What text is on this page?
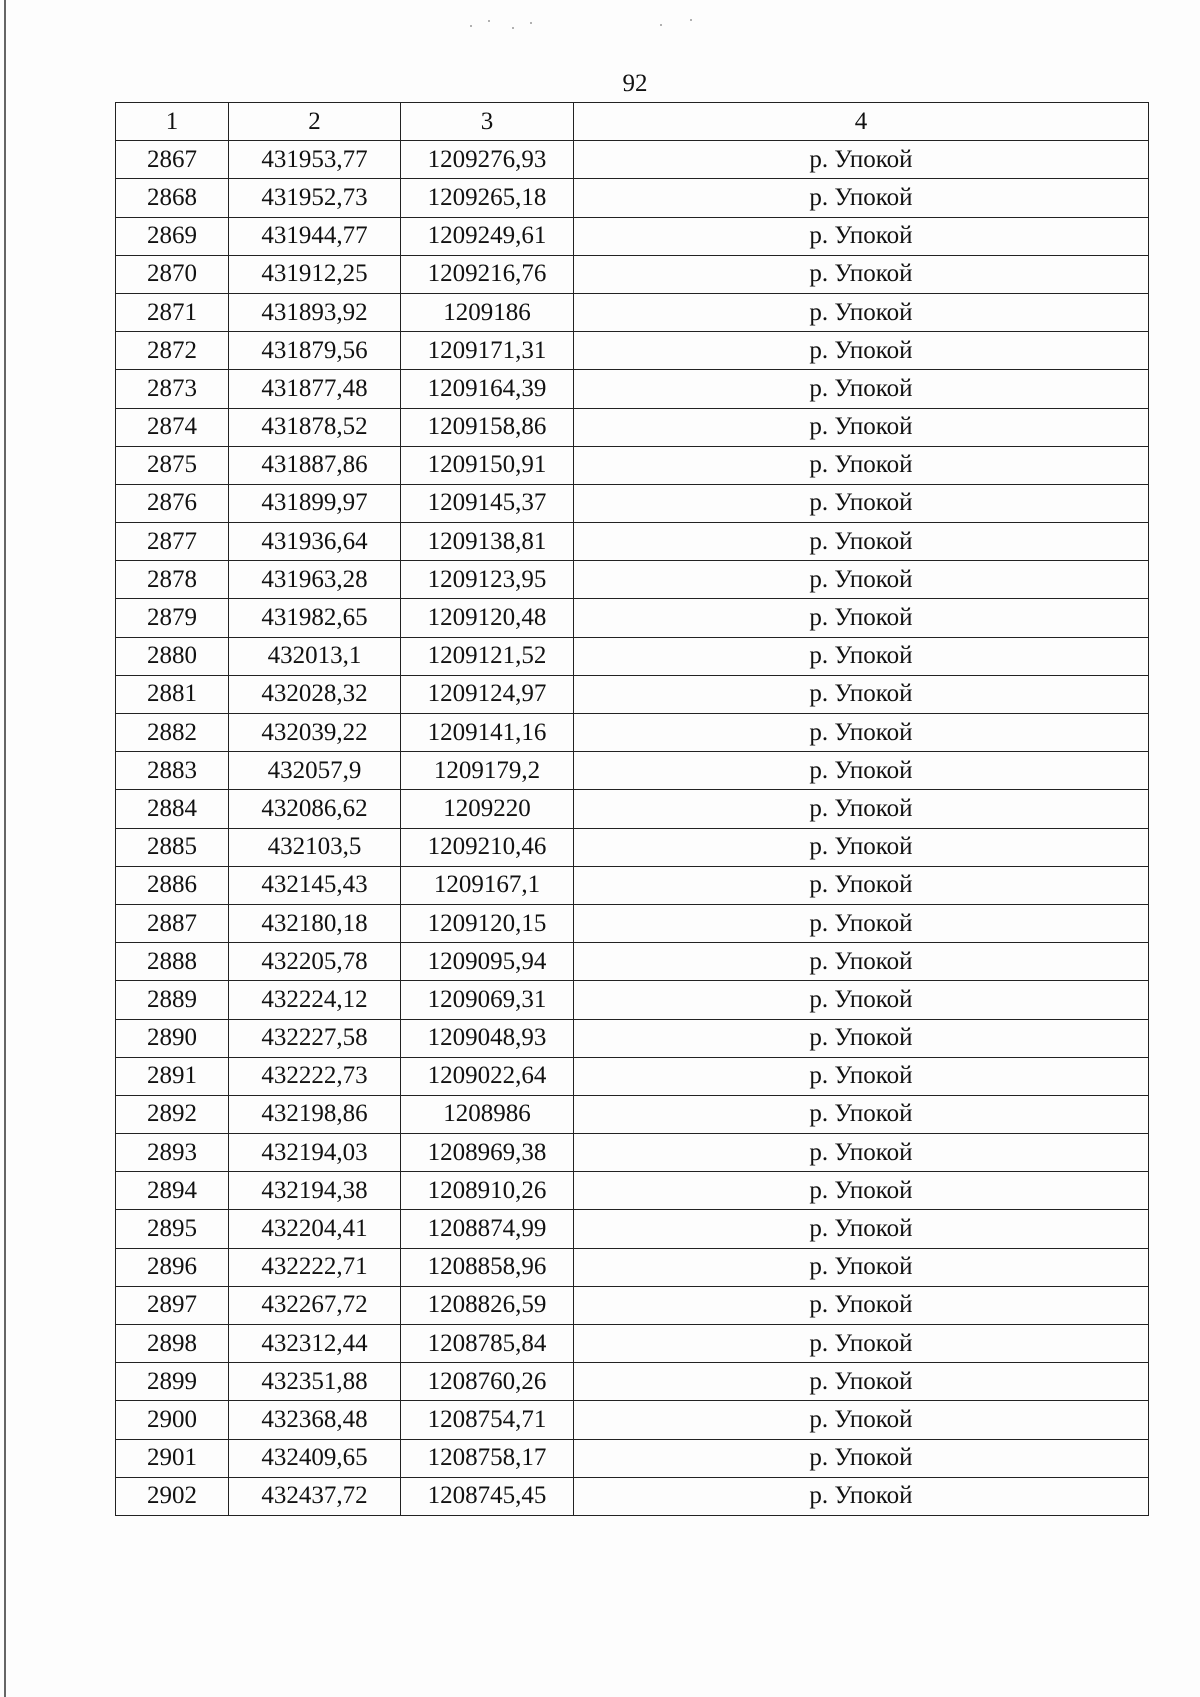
92
1	2	3	4
2867	431953,77	1209276,93	р. Упокой
2868	431952,73	1209265,18	р. Упокой
2869	431944,77	1209249,61	р. Упокой
2870	431912,25	1209216,76	р. Упокой
2871	431893,92	1209186	р. Упокой
2872	431879,56	1209171,31	р. Упокой
2873	431877,48	1209164,39	р. Упокой
2874	431878,52	1209158,86	р. Упокой
2875	431887,86	1209150,91	р. Упокой
2876	431899,97	1209145,37	р. Упокой
2877	431936,64	1209138,81	р. Упокой
2878	431963,28	1209123,95	р. Упокой
2879	431982,65	1209120,48	р. Упокой
2880	432013,1	1209121,52	р. Упокой
2881	432028,32	1209124,97	р. Упокой
2882	432039,22	1209141,16	р. Упокой
2883	432057,9	1209179,2	р. Упокой
2884	432086,62	1209220	р. Упокой
2885	432103,5	1209210,46	р. Упокой
2886	432145,43	1209167,1	р. Упокой
2887	432180,18	1209120,15	р. Упокой
2888	432205,78	1209095,94	р. Упокой
2889	432224,12	1209069,31	р. Упокой
2890	432227,58	1209048,93	р. Упокой
2891	432222,73	1209022,64	р. Упокой
2892	432198,86	1208986	р. Упокой
2893	432194,03	1208969,38	р. Упокой
2894	432194,38	1208910,26	р. Упокой
2895	432204,41	1208874,99	р. Упокой
2896	432222,71	1208858,96	р. Упокой
2897	432267,72	1208826,59	р. Упокой
2898	432312,44	1208785,84	р. Упокой
2899	432351,88	1208760,26	р. Упокой
2900	432368,48	1208754,71	р. Упокой
2901	432409,65	1208758,17	р. Упокой
2902	432437,72	1208745,45	р. Упокой
